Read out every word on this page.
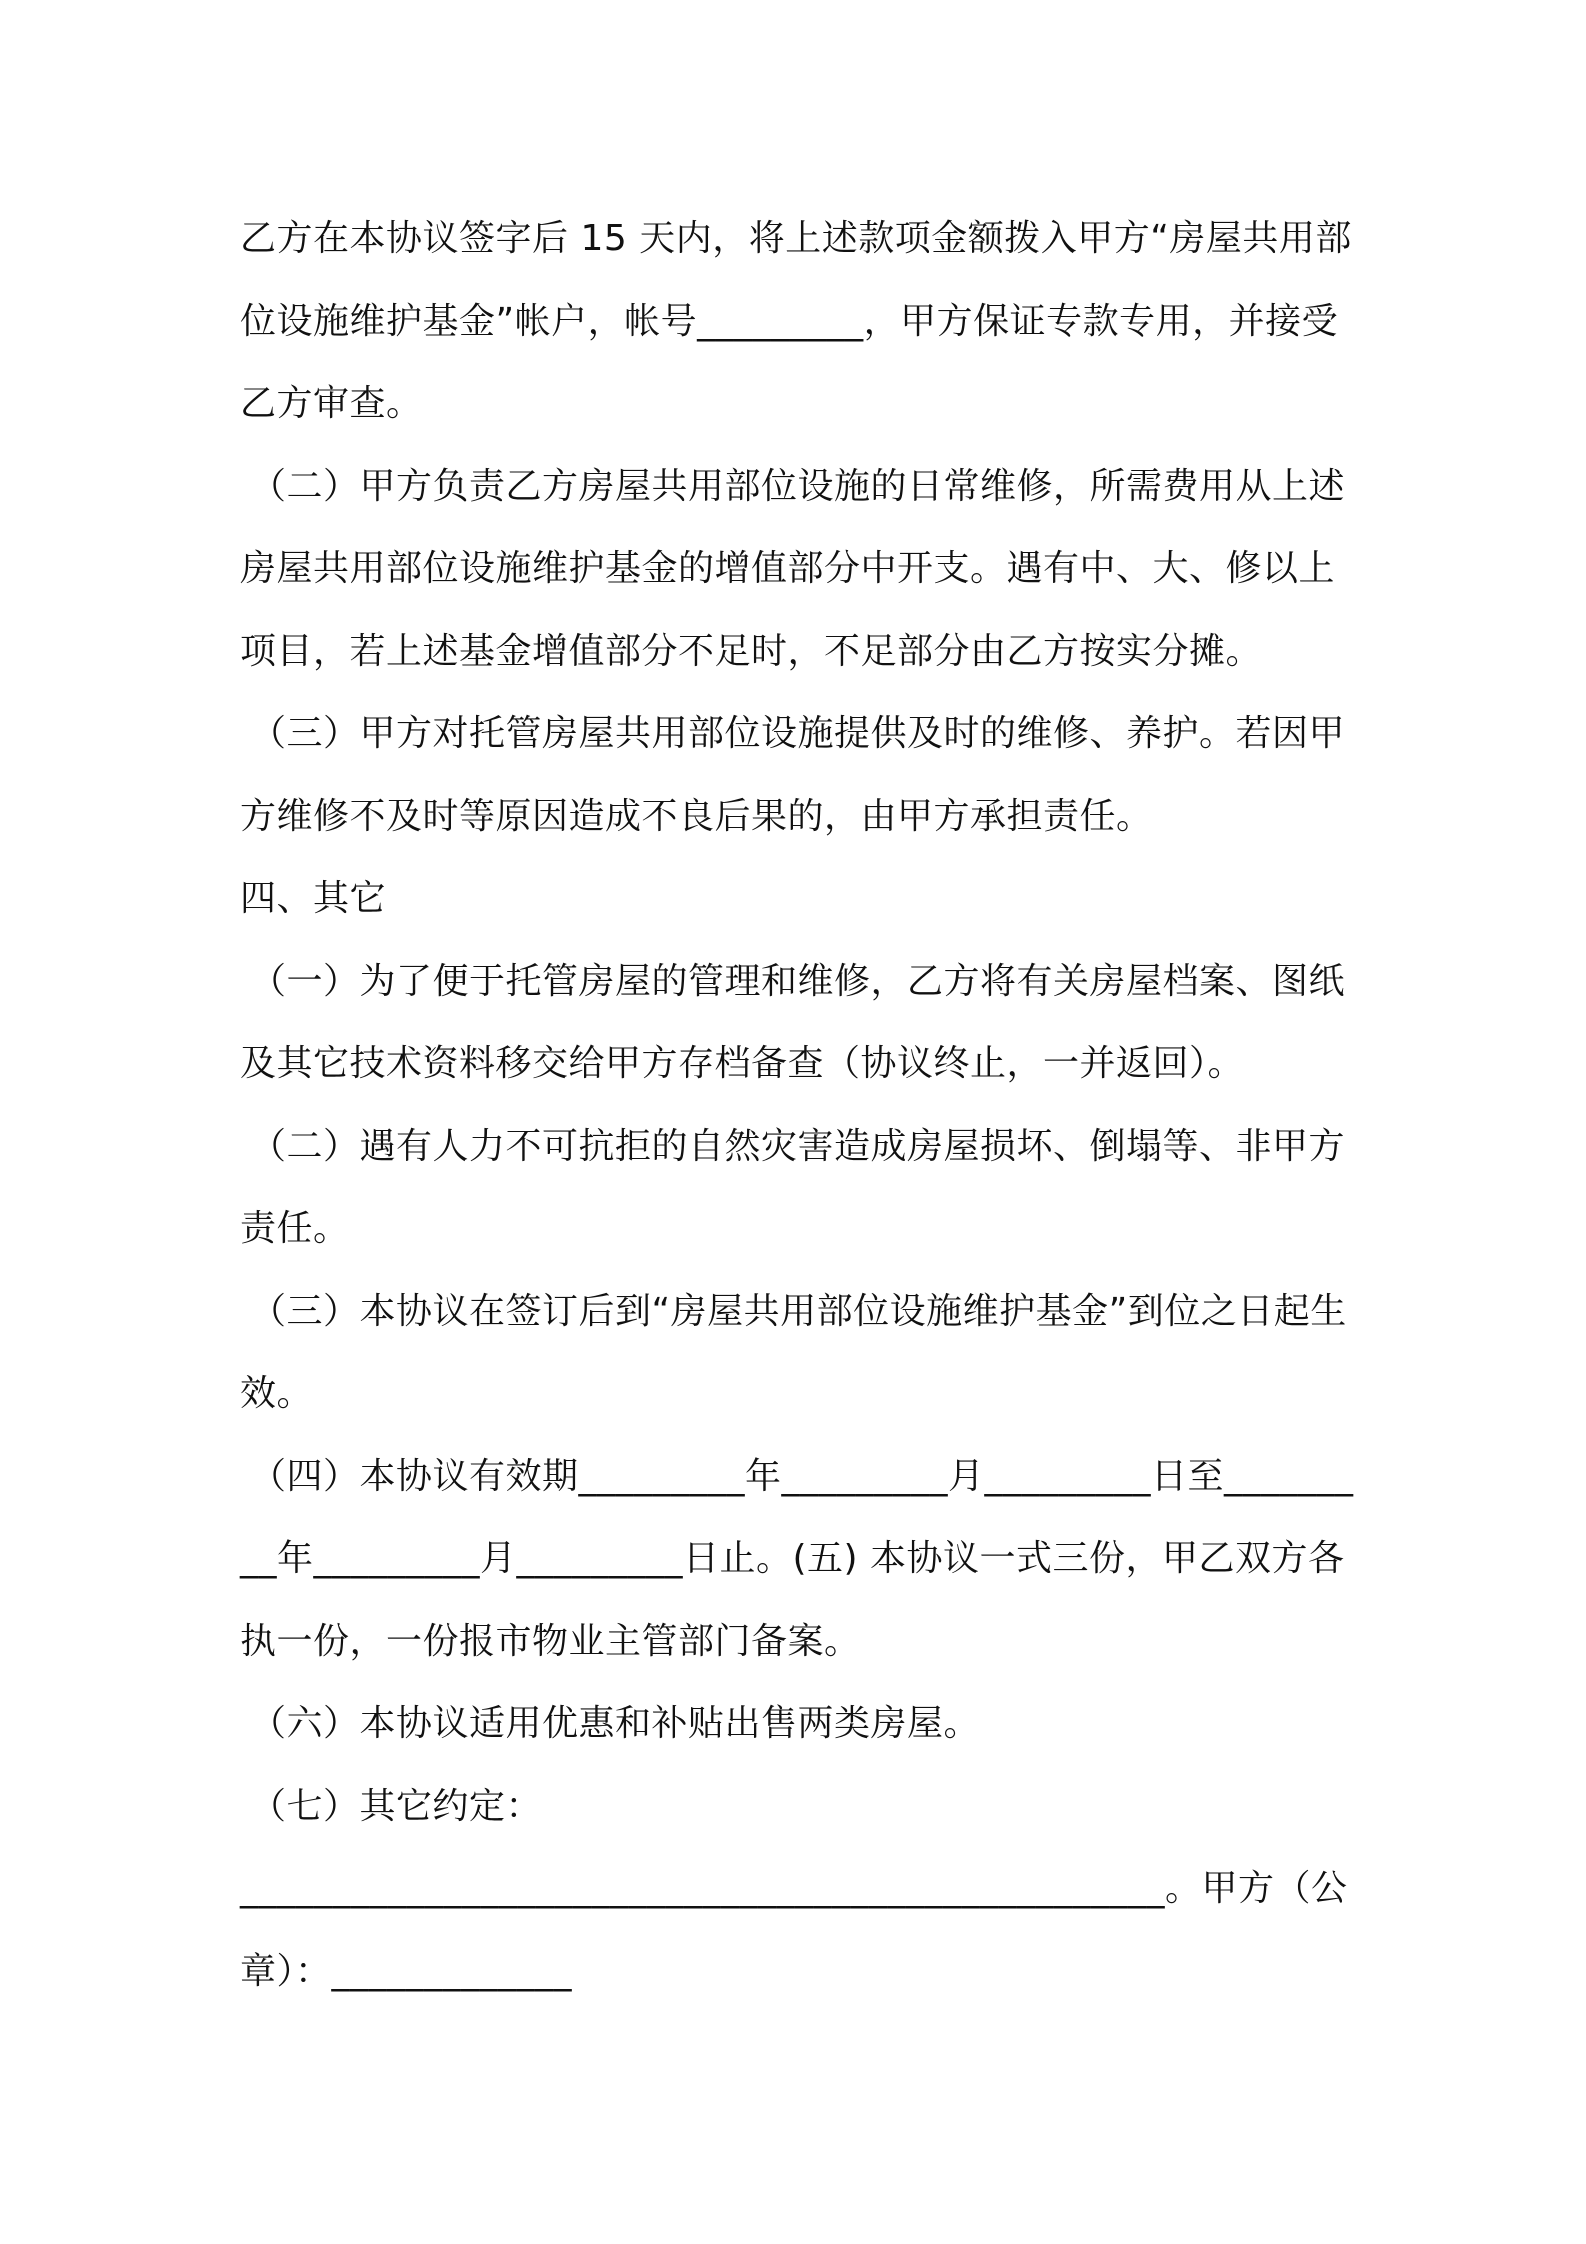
乙方在本协议签字后 15 天内，将上述款项金额拨入甲方“房屋共用部位设施维护基金”帐户，帐号_________，甲方保证专款专用，并接受乙方审查。

（二）甲方负责乙方房屋共用部位设施的日常维修，所需费用从上述房屋共用部位设施维护基金的增值部分中开支。遇有中、大、修以上项目，若上述基金增值部分不足时，不足部分由乙方按实分摊。

（三）甲方对托管房屋共用部位设施提供及时的维修、养护。若因甲方维修不及时等原因造成不良后果的，由甲方承担责任。

四、其它

（一）为了便于托管房屋的管理和维修，乙方将有关房屋档案、图纸及其它技术资料移交给甲方存档备查（协议终止，一并返回）。

（二）遇有人力不可抗拒的自然灾害造成房屋损坏、倒塌等、非甲方责任。

（三）本协议在签订后到“房屋共用部位设施维护基金”到位之日起生效。

（四）本协议有效期_________年_________月_________日至_________年_________月_________日止。(五) 本协议一式三份，甲乙双方各执一份，一份报市物业主管部门备案。

（六）本协议适用优惠和补贴出售两类房屋。

（七）其它约定：

__________________________________________________。甲方（公章）：_____________
